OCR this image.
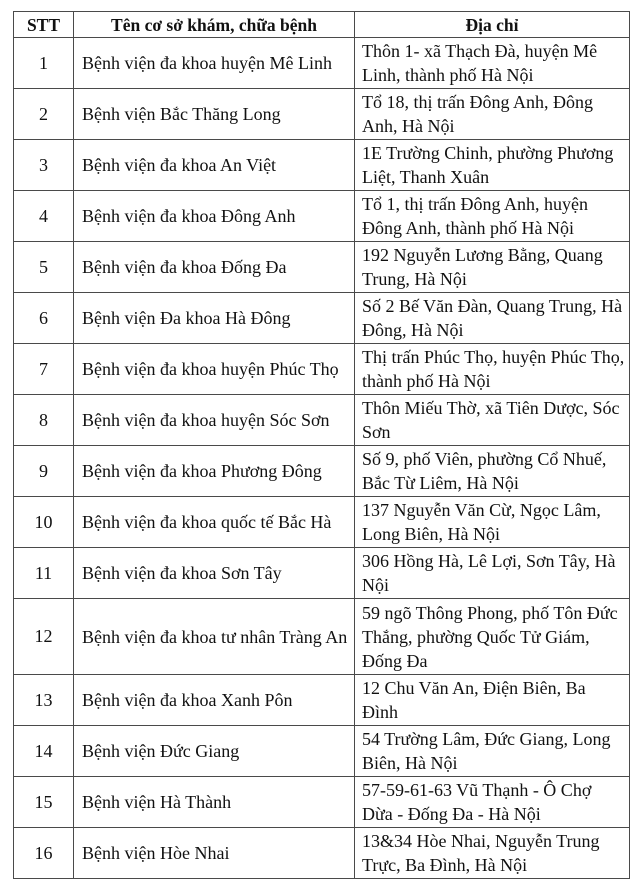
STT	Tên cơ sở khám, chữa bệnh	Địa chỉ
1	Bệnh viện đa khoa huyện Mê Linh	Thôn 1- xã Thạch Đà, huyện Mê Linh, thành phố Hà Nội
2	Bệnh viện Bắc Thăng Long	Tổ 18, thị trấn Đông Anh, Đông Anh, Hà Nội
3	Bệnh viện đa khoa An Việt	1E Trường Chinh, phường Phương Liệt, Thanh Xuân
4	Bệnh viện đa khoa Đông Anh	Tổ 1, thị trấn Đông Anh, huyện Đông Anh, thành phố Hà Nội
5	Bệnh viện đa khoa Đống Đa	192 Nguyễn Lương Bằng, Quang Trung, Hà Nội
6	Bệnh viện Đa khoa Hà Đông	Số 2 Bế Văn Đàn, Quang Trung, Hà Đông, Hà Nội
7	Bệnh viện đa khoa huyện Phúc Thọ	Thị trấn Phúc Thọ, huyện Phúc Thọ, thành phố Hà Nội
8	Bệnh viện đa khoa huyện Sóc Sơn	Thôn Miếu Thờ, xã Tiên Dược, Sóc Sơn
9	Bệnh viện đa khoa Phương Đông	Số 9, phố Viên, phường Cổ Nhuế, Bắc Từ Liêm, Hà Nội
10	Bệnh viện đa khoa quốc tế Bắc Hà	137 Nguyễn Văn Cừ, Ngọc Lâm, Long Biên, Hà Nội
11	Bệnh viện đa khoa Sơn Tây	306 Hồng Hà, Lê Lợi, Sơn Tây, Hà Nội
12	Bệnh viện đa khoa tư nhân Tràng An	59 ngõ Thông Phong, phố Tôn Đức Thắng, phường Quốc Tử Giám, Đống Đa
13	Bệnh viện đa khoa Xanh Pôn	12 Chu Văn An, Điện Biên, Ba Đình
14	Bệnh viện Đức Giang	54 Trường Lâm, Đức Giang, Long Biên, Hà Nội
15	Bệnh viện Hà Thành	57-59-61-63 Vũ Thạnh - Ô Chợ Dừa - Đống Đa - Hà Nội
16	Bệnh viện Hòe Nhai	13&34 Hòe Nhai, Nguyễn Trung Trực, Ba Đình, Hà Nội
